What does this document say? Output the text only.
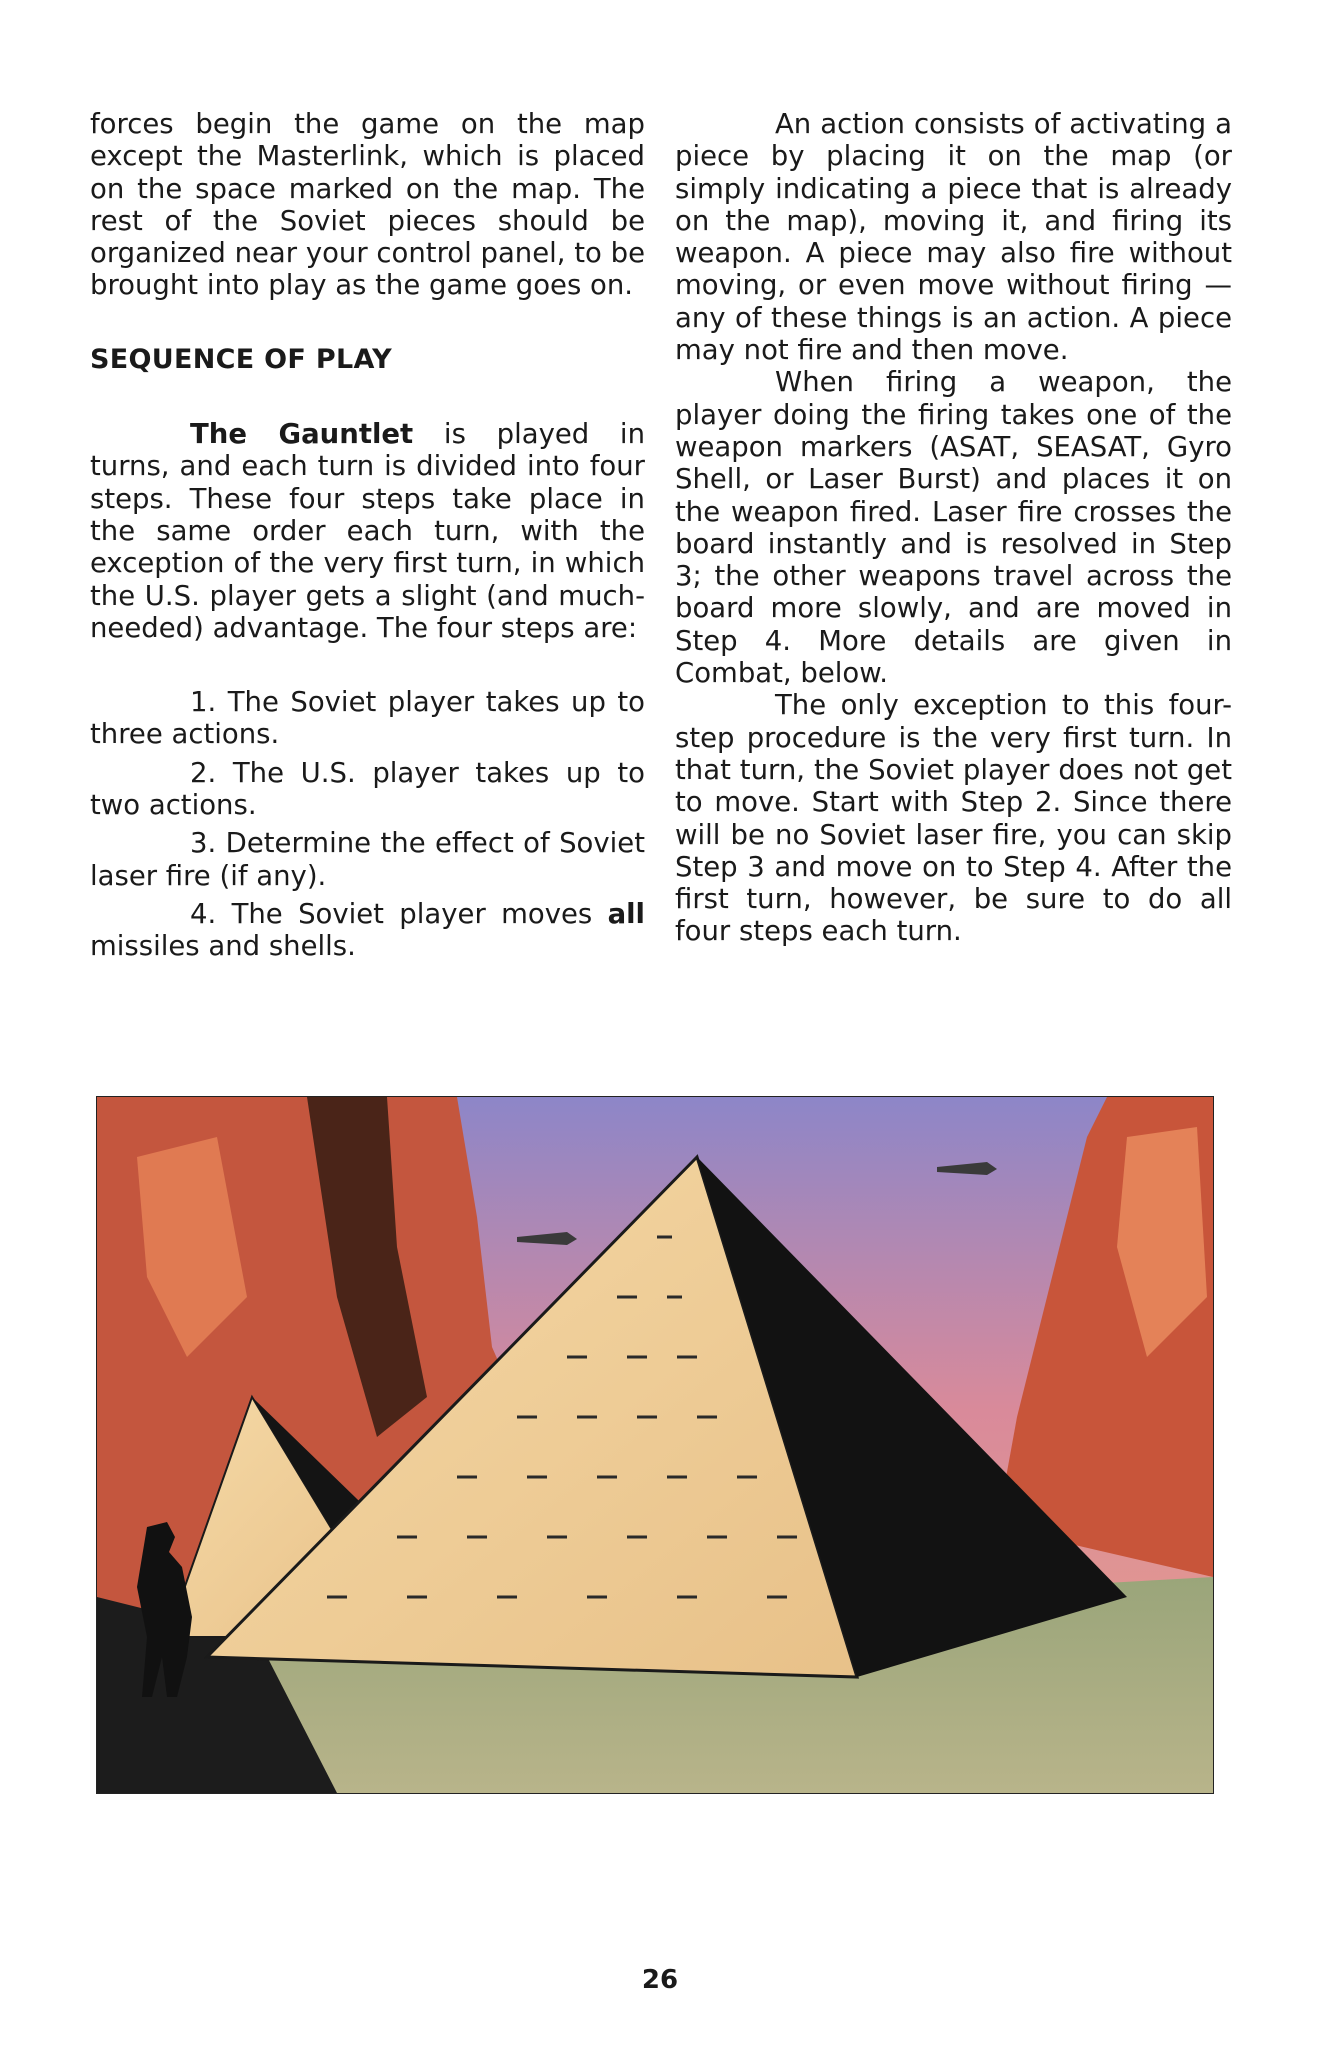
forces begin the game on the map except the Masterlink, which is placed on the space marked on the map. The rest of the Soviet pieces should be organized near your control panel, to be brought into play as the game goes on.

SEQUENCE OF PLAY

The Gauntlet is played in turns, and each turn is divided into four steps. These four steps take place in the same order each turn, with the exception of the very first turn, in which the U.S. player gets a slight (and much-needed) advantage. The four steps are:

1. The Soviet player takes up to three actions.

2. The U.S. player takes up to two actions.

3. Determine the effect of Soviet laser fire (if any).

4. The Soviet player moves all missiles and shells.

An action consists of activating a piece by placing it on the map (or simply indicating a piece that is already on the map), moving it, and firing its weapon. A piece may also fire without moving, or even move without firing — any of these things is an action. A piece may not fire and then move.

When firing a weapon, the player doing the firing takes one of the weapon markers (ASAT, SEASAT, Gyro Shell, or Laser Burst) and places it on the weapon fired. Laser fire crosses the board instantly and is resolved in Step 3; the other weapons travel across the board more slowly, and are moved in Step 4. More details are given in Combat, below.

The only exception to this four-step procedure is the very first turn. In that turn, the Soviet player does not get to move. Start with Step 2. Since there will be no Soviet laser fire, you can skip Step 3 and move on to Step 4. After the first turn, however, be sure to do all four steps each turn.

26
